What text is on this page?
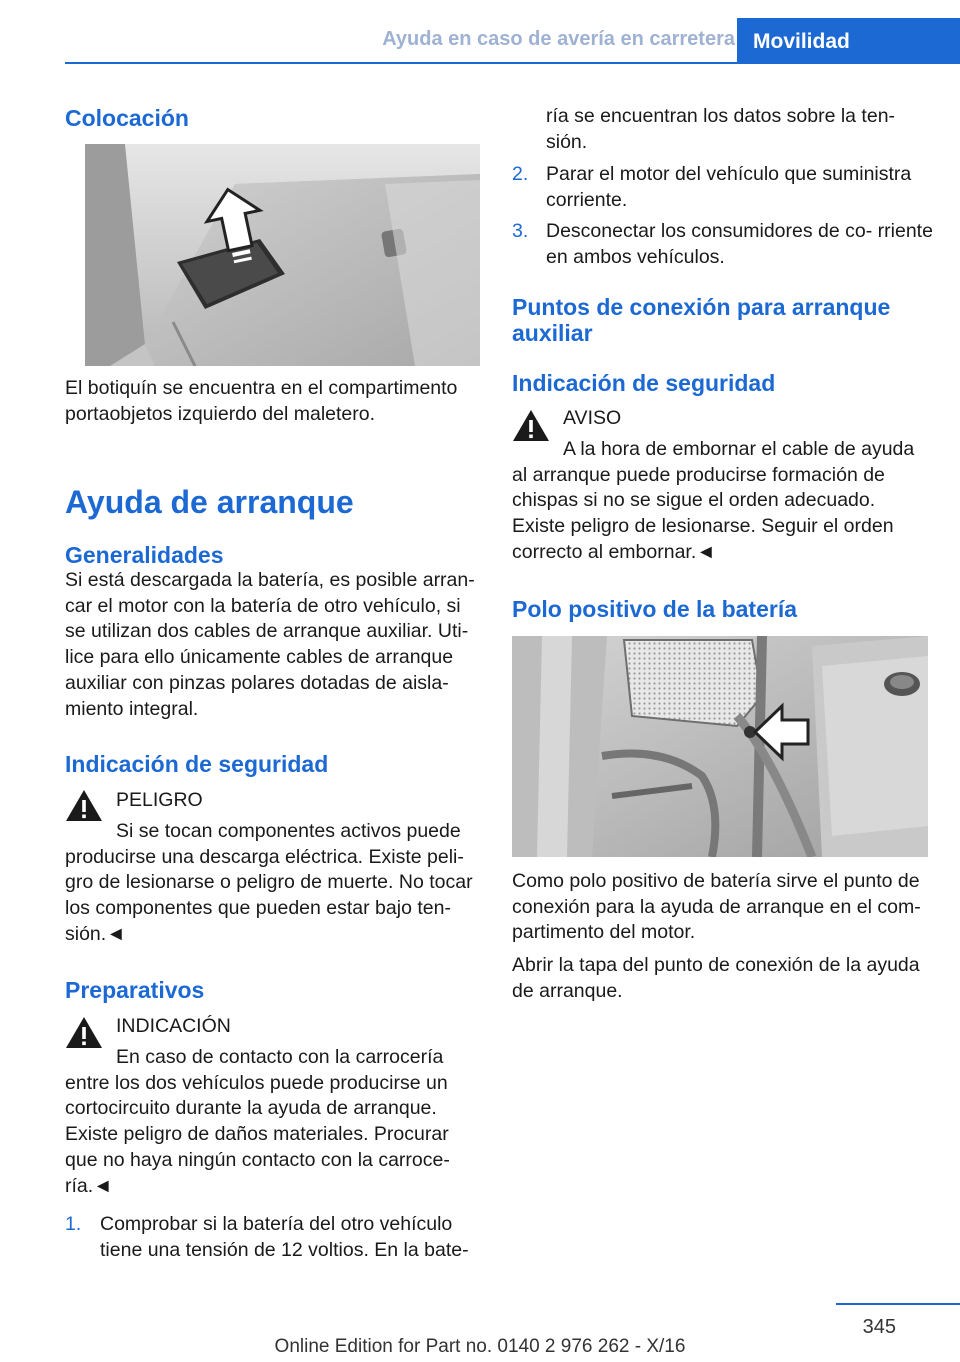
Ayuda en caso de avería en carretera Movilidad
Colocación
El botiquín se encuentra en el compartimento portaobjetos izquierdo del maletero.
Ayuda de arranque
Generalidades
Si está descargada la batería, es posible arran- car el motor con la batería de otro vehículo, si se utilizan dos cables de arranque auxiliar. Uti- lice para ello únicamente cables de arranque auxiliar con pinzas polares dotadas de aisla- miento integral.
Indicación de seguridad
PELIGRO
Si se tocan componentes activos puede producirse una descarga eléctrica. Existe peli- gro de lesionarse o peligro de muerte. No tocar los componentes que pueden estar bajo ten- sión.◄
Preparativos
INDICACIÓN
En caso de contacto con la carrocería entre los dos vehículos puede producirse un cortocircuito durante la ayuda de arranque. Existe peligro de daños materiales. Procurar que no haya ningún contacto con la carroce- ría.◄
1. Comprobar si la batería del otro vehículo tiene una tensión de 12 voltios. En la bate-
ría se encuentran los datos sobre la ten- sión.
2. Parar el motor del vehículo que suministra corriente.
3. Desconectar los consumidores de co- rriente en ambos vehículos.
Puntos de conexión para arranque auxiliar
Indicación de seguridad
AVISO
A la hora de embornar el cable de ayuda al arranque puede producirse formación de chispas si no se sigue el orden adecuado. Existe peligro de lesionarse. Seguir el orden correcto al embornar.◄
Polo positivo de la batería
Como polo positivo de batería sirve el punto de conexión para la ayuda de arranque en el com- partimento del motor.
Abrir la tapa del punto de conexión de la ayuda de arranque.
345
Online Edition for Part no. 0140 2 976 262 - X/16
